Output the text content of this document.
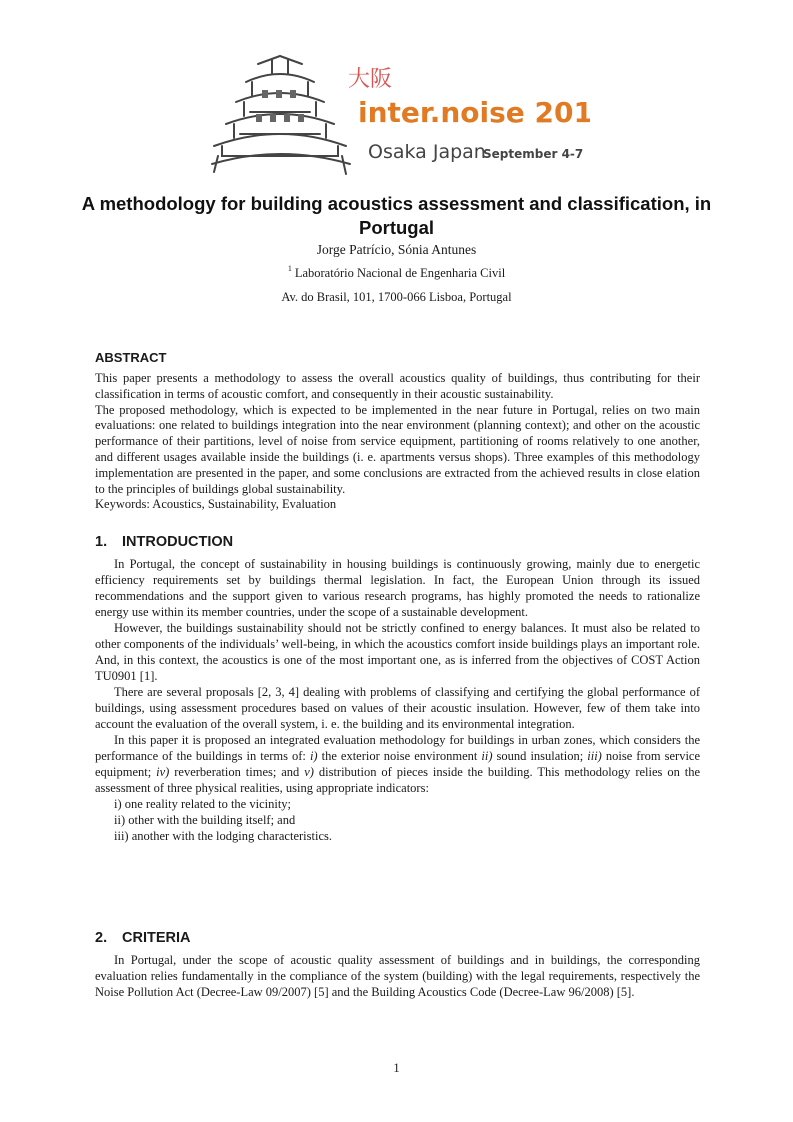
大阪
inter.noise 2011
Osaka Japan
September 4-7
A methodology for building acoustics assessment and classification, in Portugal
Jorge Patrício, Sónia Antunes
$^1$ Laboratório Nacional de Engenharia Civil
Av. do Brasil, 101, 1700-066 Lisboa, Portugal
ABSTRACT

This paper presents a methodology to assess the overall acoustics quality of buildings, thus contributing for their classification in terms of acoustic comfort, and consequently in their acoustic sustainability.

The proposed methodology, which is expected to be implemented in the near future in Portugal, relies on two main evaluations: one related to buildings integration into the near environment (planning context); and other on the acoustic performance of their partitions, level of noise from service equipment, partitioning of rooms relatively to one another, and different usages available inside the buildings (i. e. apartments versus shops). Three examples of this methodology implementation are presented in the paper, and some conclusions are extracted from the achieved results in close elation to the principles of buildings global sustainability.

Keywords: Acoustics, Sustainability, Evaluation

1. INTRODUCTION

In Portugal, the concept of sustainability in housing buildings is continuously growing, mainly due to energetic efficiency requirements set by buildings thermal legislation. In fact, the European Union through its issued recommendations and the support given to various research programs, has highly promoted the needs to rationalize energy use within its member countries, under the scope of a sustainable development.

However, the buildings sustainability should not be strictly confined to energy balances. It must also be related to other components of the individuals’ well-being, in which the acoustics comfort inside buildings plays an important role. And, in this context, the acoustics is one of the most important one, as is inferred from the objectives of COST Action TU0901 [1].

There are several proposals [2, 3, 4] dealing with problems of classifying and certifying the global performance of buildings, using assessment procedures based on values of their acoustic insulation. However, few of them take into account the evaluation of the overall system, i. e. the building and its environmental integration.

In this paper it is proposed an integrated evaluation methodology for buildings in urban zones, which considers the performance of the buildings in terms of: i) the exterior noise environment ii) sound insulation; iii) noise from service equipment; iv) reverberation times; and v) distribution of pieces inside the building. This methodology relies on the assessment of three physical realities, using appropriate indicators:

i) one reality related to the vicinity;
ii) other with the building itself; and
iii) another with the lodging characteristics.
2. CRITERIA

In Portugal, under the scope of acoustic quality assessment of buildings and in buildings, the corresponding evaluation relies fundamentally in the compliance of the system (building) with the legal requirements, respectively the Noise Pollution Act (Decree-Law 09/2007) [5] and the Building Acoustics Code (Decree-Law 96/2008) [5].

1
